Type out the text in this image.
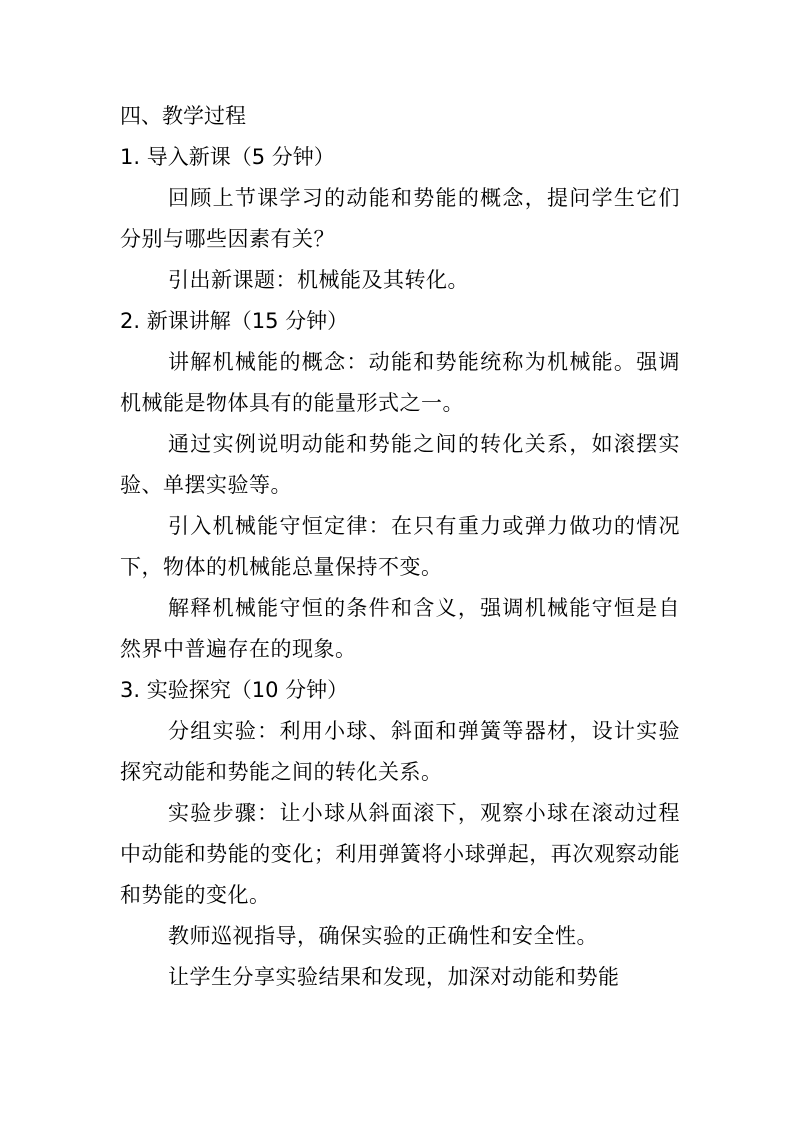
四、教学过程

1. 导入新课（5 分钟）

回顾上节课学习的动能和势能的概念，提问学生它们分别与哪些因素有关？

引出新课题：机械能及其转化。

2. 新课讲解（15 分钟）

讲解机械能的概念：动能和势能统称为机械能。强调机械能是物体具有的能量形式之一。

通过实例说明动能和势能之间的转化关系，如滚摆实验、单摆实验等。

引入机械能守恒定律：在只有重力或弹力做功的情况下，物体的机械能总量保持不变。

解释机械能守恒的条件和含义，强调机械能守恒是自然界中普遍存在的现象。

3. 实验探究（10 分钟）

分组实验：利用小球、斜面和弹簧等器材，设计实验探究动能和势能之间的转化关系。

实验步骤：让小球从斜面滚下，观察小球在滚动过程中动能和势能的变化；利用弹簧将小球弹起，再次观察动能和势能的变化。

教师巡视指导，确保实验的正确性和安全性。

让学生分享实验结果和发现，加深对动能和势能
